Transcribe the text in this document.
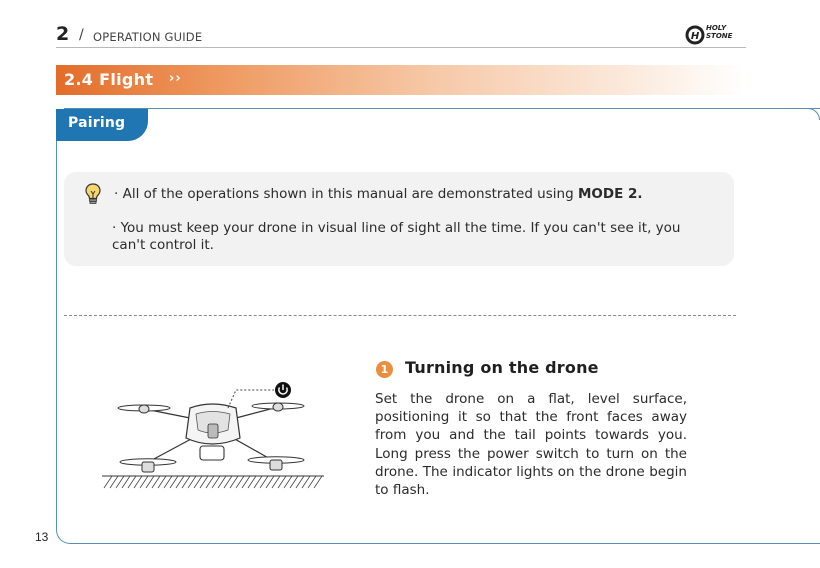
2 / OPERATION GUIDE	H
HOLY
STONE
2.4 Flight ››
Pairing
· All of the operations shown in this manual are demonstrated using MODE 2.
· You must keep your drone in visual line of sight all the time. If you can't see it, you can't control it.
1 Turning on the drone
Set the drone on a flat, level surface, positioning it so that the front faces away from you and the tail points towards you. Long press the power switch to turn on the drone. The indicator lights on the drone begin to flash.
13
